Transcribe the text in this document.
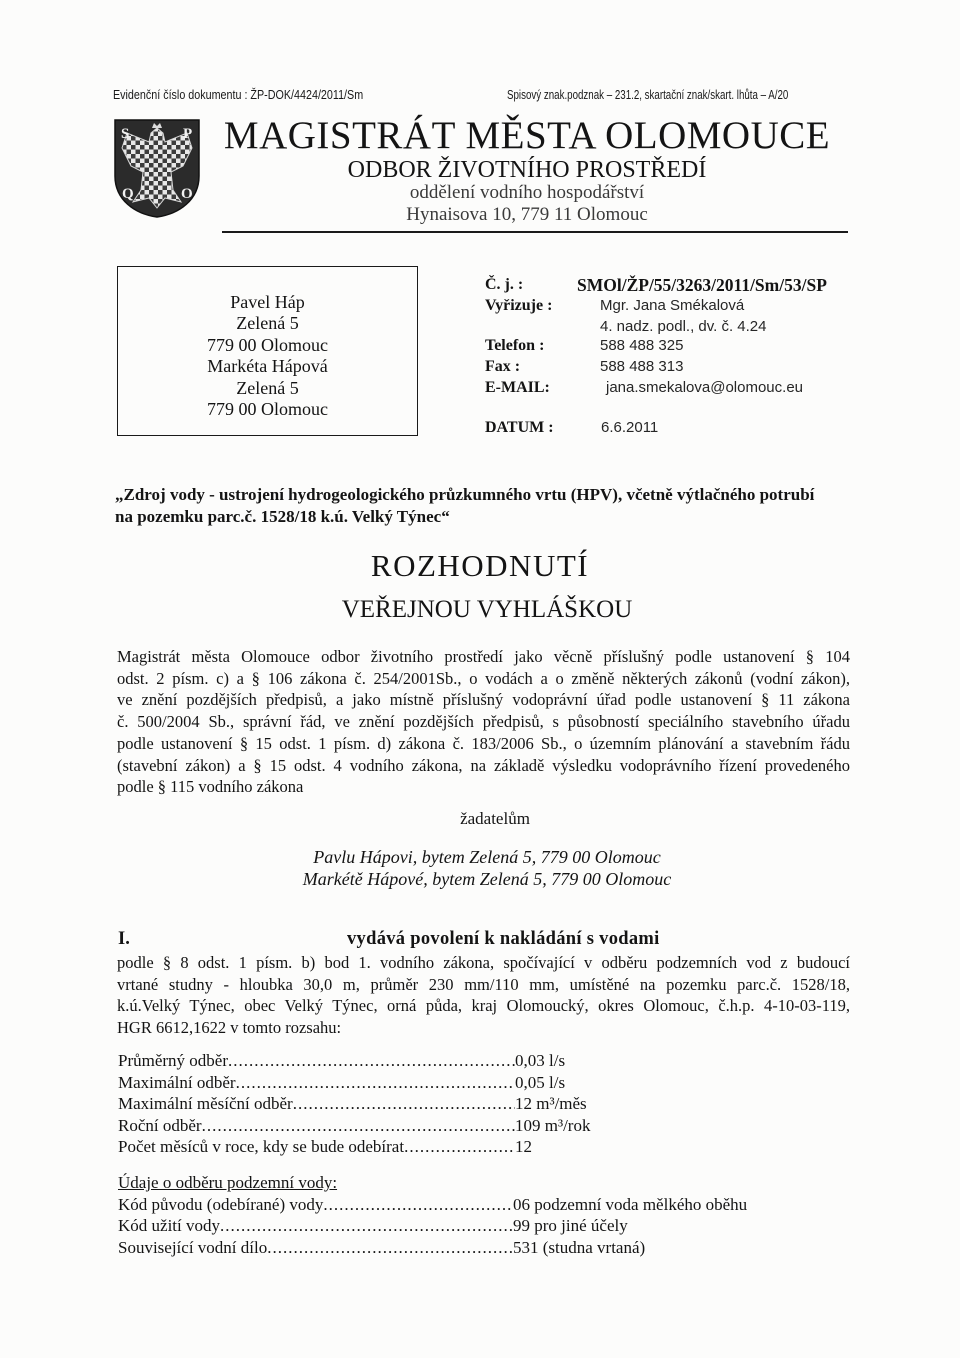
Evidenční číslo dokumentu : ŽP-DOK/4424/2011/Sm	Spisový znak.podznak – 231.2, skartační znak/skart. lhůta – A/20
S	P
Q	O
MAGISTRÁT MĚSTA OLOMOUCE
ODBOR ŽIVOTNÍHO PROSTŘEDÍ
oddělení vodního hospodářství
Hynaisova 10, 779 11 Olomouc
Pavel Háp
Zelená 5
779 00 Olomouc
Markéta Hápová
Zelená 5
779 00 Olomouc
Č. j. :	SMOl/ŽP/55/3263/2011/Sm/53/SP
Vyřizuje :	Mgr. Jana Smékalová
4. nadz. podl., dv. č. 4.24
Telefon :	588 488 325
Fax :	588 488 313
E-MAIL:	jana.smekalova@olomouc.eu
DATUM :	6.6.2011
„Zdroj vody - ustrojení hydrogeologického průzkumného vrtu (HPV), včetně výtlačného potrubí
na pozemku parc.č. 1528/18 k.ú. Velký Týnec“
ROZHODNUTÍ
VEŘEJNOU VYHLÁŠKOU
Magistrát města Olomouce odbor životního prostředí jako věcně příslušný podle ustanovení § 104
odst. 2 písm. c) a § 106 zákona č. 254/2001Sb., o vodách a o změně některých zákonů (vodní zákon),
ve znění pozdějších předpisů, a jako místně příslušný vodoprávní úřad podle ustanovení § 11 zákona
č. 500/2004 Sb., správní řád, ve znění pozdějších předpisů, s působností speciálního stavebního úřadu
podle ustanovení § 15 odst. 1 písm. d) zákona č. 183/2006 Sb., o územním plánování a stavebním řádu
(stavební zákon) a § 15 odst. 4 vodního zákona, na základě výsledku vodoprávního řízení provedeného
podle § 115 vodního zákona
žadatelům
Pavlu Hápovi, bytem Zelená 5, 779 00 Olomouc
Markétě Hápové, bytem Zelená 5, 779 00 Olomouc
I.	vydává povolení k nakládání s vodami
podle § 8 odst. 1 písm. b) bod 1. vodního zákona, spočívající v odběru podzemních vod z budoucí
vrtané studny - hloubka 30,0 m, průměr 230 mm/110 mm, umístěné na pozemku parc.č. 1528/18,
k.ú.Velký Týnec, obec Velký Týnec, orná půda, kraj Olomoucký, okres Olomouc, č.h.p. 4-10-03-119,
HGR 6612,1622 v tomto rozsahu:
Průměrný odběr .....	0,03 l/s
Maximální odběr .....	0,05 l/s
Maximální měsíční odběr .....	12 m³/měs
Roční odběr .....	109 m³/rok
Počet měsíců v roce, kdy se bude odebírat .....	12
Údaje o odběru podzemní vody:
Kód původu (odebírané) vody .....	06 podzemní voda mělkého oběhu
Kód užití vody .....	99 pro jiné účely
Související vodní dílo .....	531 (studna vrtaná)
